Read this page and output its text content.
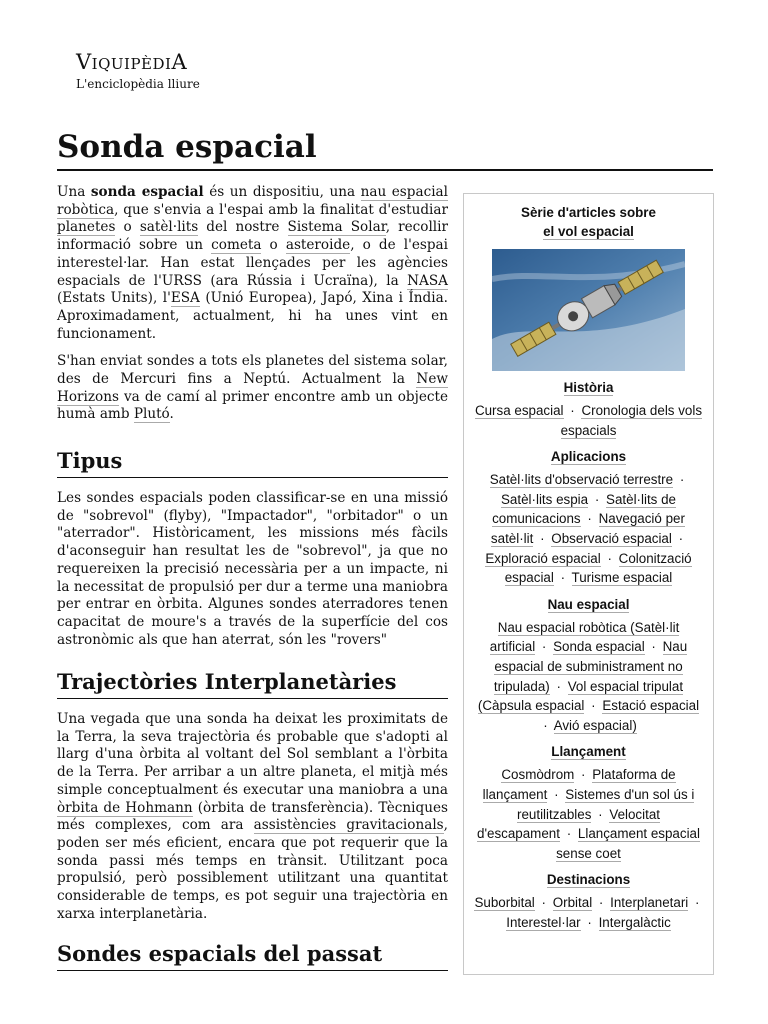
VIQUIPÈDIA
L'enciclopèdia lliure
Sonda espacial

Una sonda espacial és un dispositiu, una nau espacial robòtica, que s'envia a l'espai amb la finalitat d'estudiar planetes o satèl·lits del nostre Sistema Solar, recollir informació sobre un cometa o asteroide, o de l'espai interestel·lar. Han estat llençades per les agències espacials de l'URSS (ara Rússia i Ucraïna), la NASA (Estats Units), l'ESA (Unió Europea), Japó, Xina i Índia. Aproximadament, actualment, hi ha unes vint en funcionament.

S'han enviat sondes a tots els planetes del sistema solar, des de Mercuri fins a Neptú. Actualment la New Horizons va de camí al primer encontre amb un objecte humà amb Plutó.

Tipus

Les sondes espacials poden classificar-se en una missió de "sobrevol" (flyby), "Impactador", "orbitador" o un "aterrador". Històricament, les missions més fàcils d'aconseguir han resultat les de "sobrevol", ja que no requereixen la precisió necessària per a un impacte, ni la necessitat de propulsió per dur a terme una maniobra per entrar en òrbita. Algunes sondes aterradores tenen capacitat de moure's a través de la superfície del cos astronòmic als que han aterrat, són les "rovers"

Trajectòries Interplanetàries

Una vegada que una sonda ha deixat les proximitats de la Terra, la seva trajectòria és probable que s'adopti al llarg d'una òrbita al voltant del Sol semblant a l'òrbita de la Terra. Per arribar a un altre planeta, el mitjà més simple conceptualment és executar una maniobra a una òrbita de Hohmann (òrbita de transferència). Tècniques més complexes, com ara assistències gravitacionals, poden ser més eficient, encara que pot requerir que la sonda passi més temps en trànsit. Utilitzant poca propulsió, però possiblement utilitzant una quantitat considerable de temps, es pot seguir una trajectòria en xarxa interplanetària.

Sondes espacials del passat
Sèrie d'articles sobre
el vol espacial
Història
Cursa espacial · Cronologia dels vols espacials
Aplicacions
Satèl·lits d'observació terrestre · Satèl·lits espia · Satèl·lits de comunicacions · Navegació per satèl·lit · Observació espacial · Exploració espacial · Colonització espacial · Turisme espacial
Nau espacial
Nau espacial robòtica (Satèl·lit artificial · Sonda espacial · Nau espacial de subministrament no tripulada) · Vol espacial tripulat (Càpsula espacial · Estació espacial · Avió espacial)
Llançament
Cosmòdrom · Plataforma de llançament · Sistemes d'un sol ús i reutilitzables · Velocitat d'escapament · Llançament espacial sense coet
Destinacions
Suborbital · Orbital · Interplanetari · Interestel·lar · Intergalàctic
